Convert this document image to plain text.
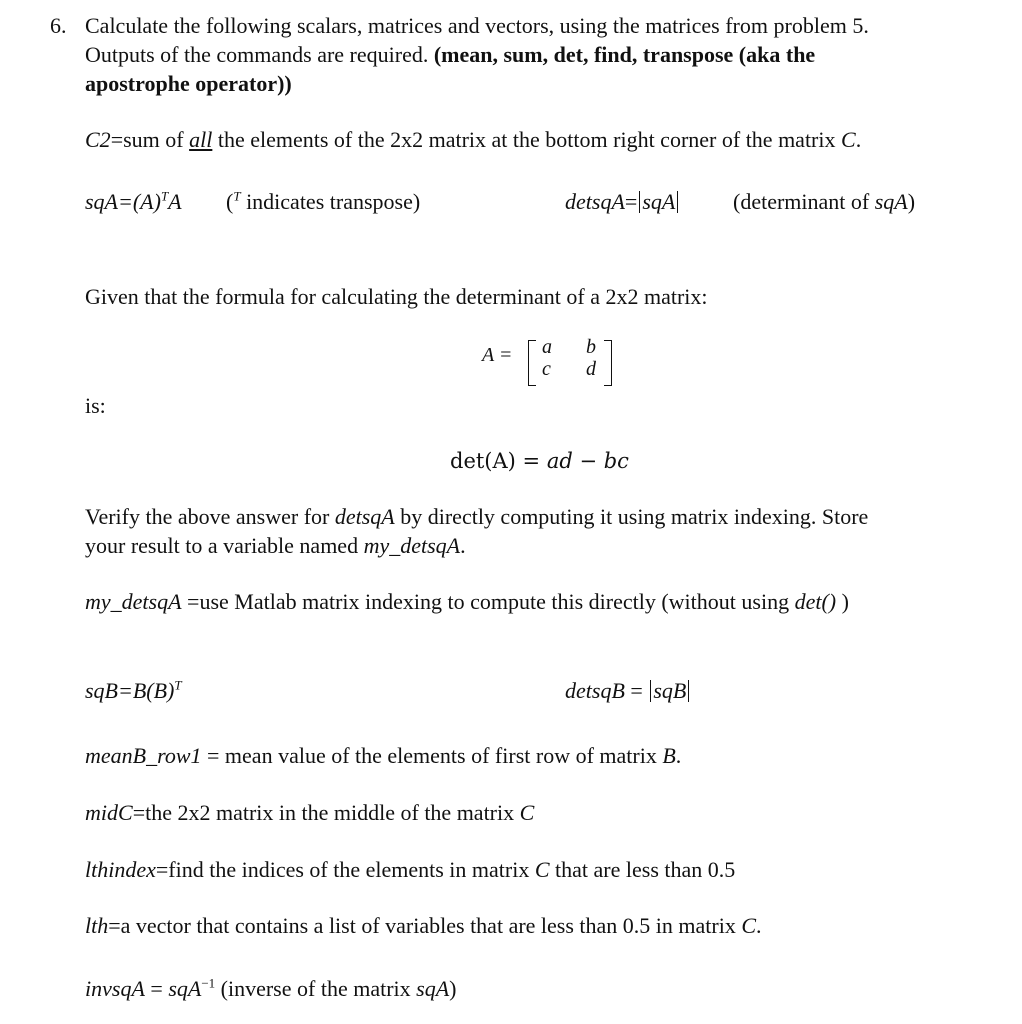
6. Calculate the following scalars, matrices and vectors, using the matrices from problem 5.
Outputs of the commands are required. (mean, sum, det, find, transpose (aka the
apostrophe operator))
C2=sum of all the elements of the 2x2 matrix at the bottom right corner of the matrix C.
$sqA=(A)^TA$ ($^T$ indicates transpose)	detsqA= sqA	(determinant of sqA)
Given that the formula for calculating the determinant of a 2x2 matrix:
A = a b
c d
is:
det(A) = ad − bc
Verify the above answer for detsqA by directly computing it using matrix indexing. Store
your result to a variable named my_detsqA.
my_detsqA =use Matlab matrix indexing to compute this directly (without using det() )
$sqB=B(B)^T$	detsqB = sqB
meanB_row1 = mean value of the elements of first row of matrix B.
midC=the 2x2 matrix in the middle of the matrix C
lthindex=find the indices of the elements in matrix C that are less than 0.5
lth=a vector that contains a list of variables that are less than 0.5 in matrix C.
invsqA = sqA$^{-1}$ (inverse of the matrix sqA)
